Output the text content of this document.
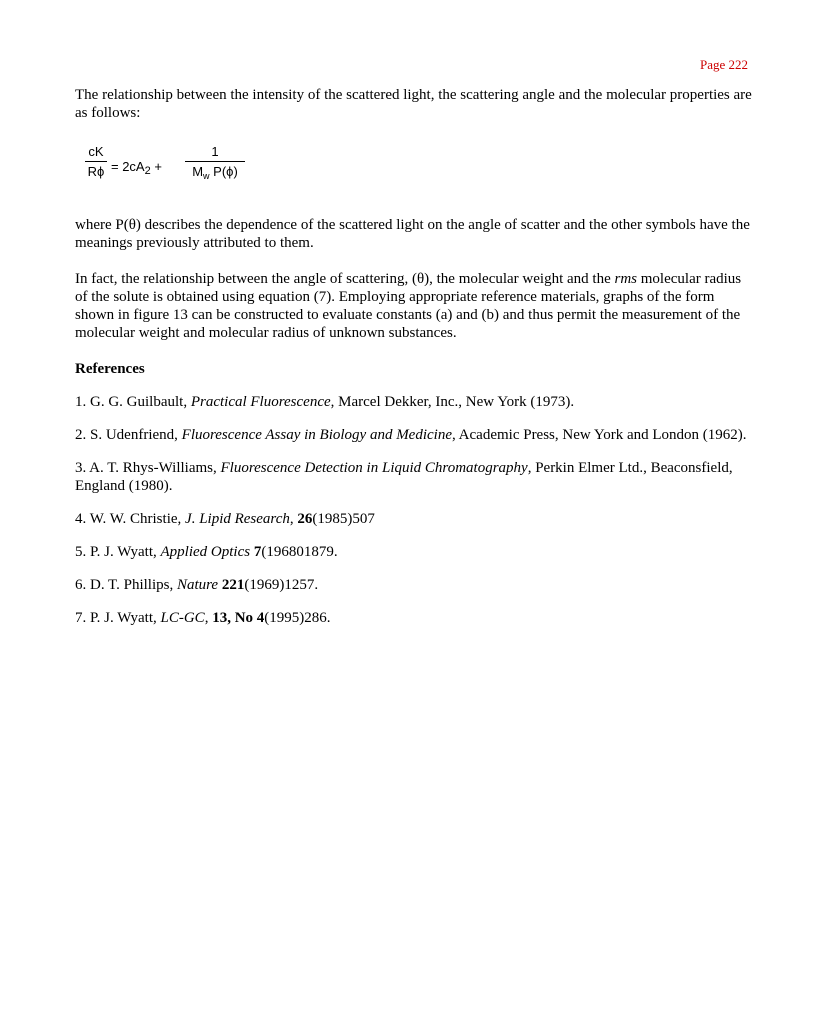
Page 222

The relationship between the intensity of the scattered light, the scattering angle and the molecular properties are as follows:

cK
$R\phi = 2cA_2$ +
1
$M_w$ P(ϕ)

where P(θ) describes the dependence of the scattered light on the angle of scatter and the other symbols have the meanings previously attributed to them.

In fact, the relationship between the angle of scattering, (θ), the molecular weight and the rms molecular radius of the solute is obtained using equation (7). Employing appropriate reference materials, graphs of the form shown in figure 13 can be constructed to evaluate constants (a) and (b) and thus permit the measurement of the molecular weight and molecular radius of unknown substances.

References

1. G. G. Guilbault, Practical Fluorescence, Marcel Dekker, Inc., New York (1973).

2. S. Udenfriend, Fluorescence Assay in Biology and Medicine, Academic Press, New York and London (1962).

3. A. T. Rhys-Williams, Fluorescence Detection in Liquid Chromatography, Perkin Elmer Ltd., Beaconsfield, England (1980).

4. W. W. Christie, J. Lipid Research, 26(1985)507

5. P. J. Wyatt, Applied Optics 7(196801879.

6. D. T. Phillips, Nature 221(1969)1257.

7. P. J. Wyatt, LC-GC, 13, No 4(1995)286.
